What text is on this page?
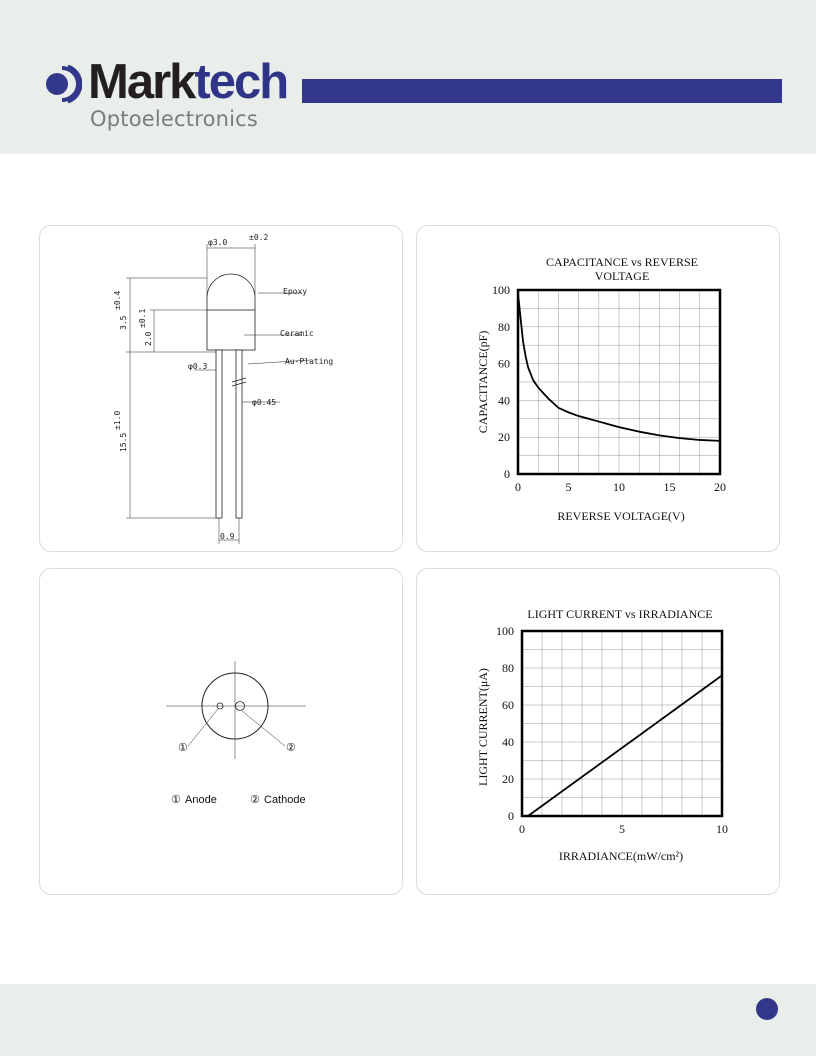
Marktech
Optoelectronics
φ3.0
±0.2
Epoxy
Ceramic
Au-Plating
φ0.3
φ0.45
0.9
3.5
±0.4
2.0
±0.1
15.5
±1.0
CAPACITANCE vs REVERSE
VOLTAGE
REVERSE VOLTAGE(V)
CAPACITANCE(pF)
0	5	10	15	20
0
20
40
60
80
100
①	②
① Anode	② Cathode
LIGHT CURRENT vs IRRADIANCE
IRRADIANCE(mW/cm²)
LIGHT CURRENT(μA)
0	5	10
0
20
40
60
80
100
